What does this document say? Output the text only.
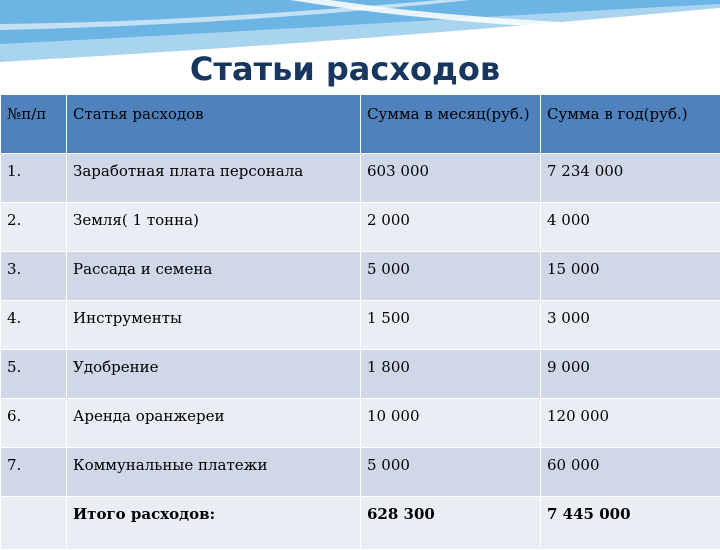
Статьи расходов
№п/п	Статья расходов	Сумма в месяц(руб.)	Сумма в год(руб.)
1.	Заработная плата персонала	603 000	7 234 000
2.	Земля( 1 тонна)	2 000	4 000
3.	Рассада и семена	5 000	15 000
4.	Инструменты	1 500	3 000
5.	Удобрение	1 800	9 000
6.	Аренда оранжереи	10 000	120 000
7.	Коммунальные платежи	5 000	60 000
	Итого расходов:	628 300	7 445 000
